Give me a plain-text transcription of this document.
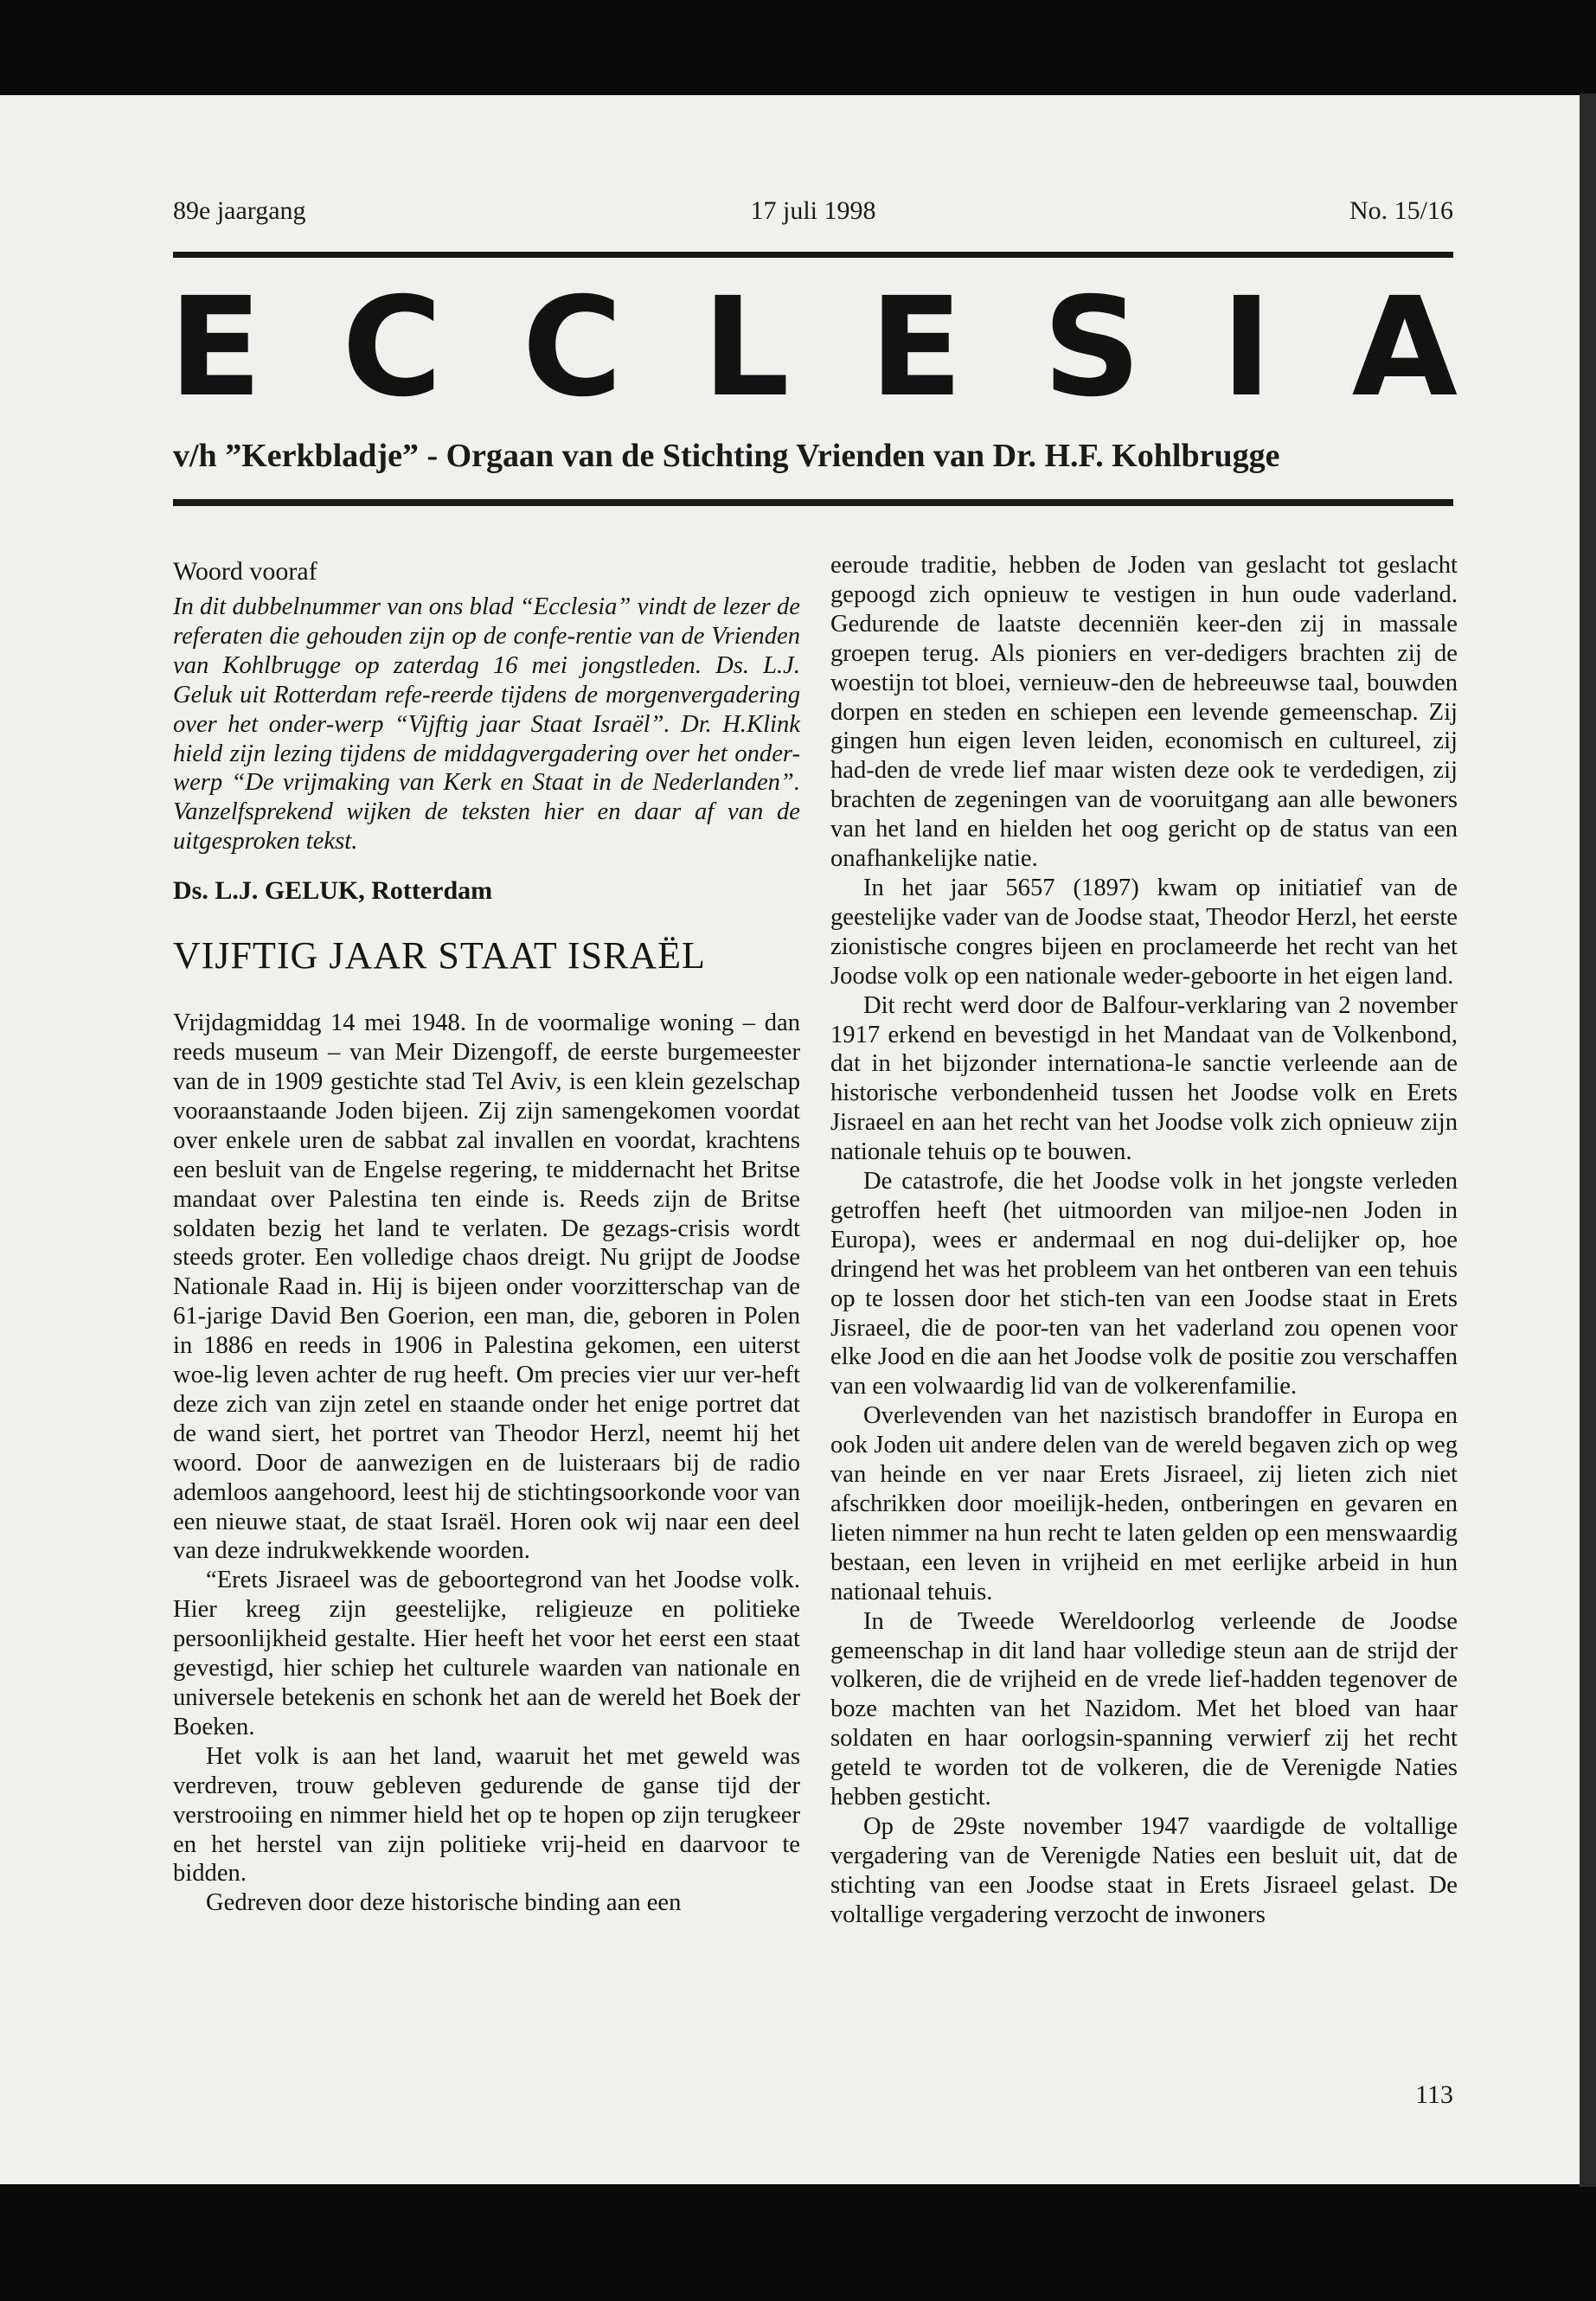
89e jaargang	17 juli 1998	No. 15/16
E C C L E S I A
v/h ”Kerkbladje” - Orgaan van de Stichting Vrienden van Dr. H.F. Kohlbrugge
Woord vooraf

In dit dubbelnummer van ons blad “Ecclesia” vindt de lezer de referaten die gehouden zijn op de confe-rentie van de Vrienden van Kohlbrugge op zaterdag 16 mei jongstleden. Ds. L.J. Geluk uit Rotterdam refe-reerde tijdens de morgenvergadering over het onder-werp “Vijftig jaar Staat Israël”. Dr. H.Klink hield zijn lezing tijdens de middagvergadering over het onder-werp “De vrijmaking van Kerk en Staat in de Nederlanden”. Vanzelfsprekend wijken de teksten hier en daar af van de uitgesproken tekst.

Ds. L.J. GELUK, Rotterdam

VIJFTIG JAAR STAAT ISRAËL

Vrijdagmiddag 14 mei 1948. In de voormalige woning – dan reeds museum – van Meir Dizengoff, de eerste burgemeester van de in 1909 gestichte stad Tel Aviv, is een klein gezelschap vooraanstaande Joden bijeen. Zij zijn samengekomen voordat over enkele uren de sabbat zal invallen en voordat, krachtens een besluit van de Engelse regering, te middernacht het Britse mandaat over Palestina ten einde is. Reeds zijn de Britse soldaten bezig het land te verlaten. De gezags-crisis wordt steeds groter. Een volledige chaos dreigt. Nu grijpt de Joodse Nationale Raad in. Hij is bijeen onder voorzitterschap van de 61-jarige David Ben Goerion, een man, die, geboren in Polen in 1886 en reeds in 1906 in Palestina gekomen, een uiterst woe-lig leven achter de rug heeft. Om precies vier uur ver-heft deze zich van zijn zetel en staande onder het enige portret dat de wand siert, het portret van Theodor Herzl, neemt hij het woord. Door de aanwezigen en de luisteraars bij de radio ademloos aangehoord, leest hij de stichtingsoorkonde voor van een nieuwe staat, de staat Israël. Horen ook wij naar een deel van deze indrukwekkende woorden.

“Erets Jisraeel was de geboortegrond van het Joodse volk. Hier kreeg zijn geestelijke, religieuze en politieke persoonlijkheid gestalte. Hier heeft het voor het eerst een staat gevestigd, hier schiep het culturele waarden van nationale en universele betekenis en schonk het aan de wereld het Boek der Boeken.

Het volk is aan het land, waaruit het met geweld was verdreven, trouw gebleven gedurende de ganse tijd der verstrooiing en nimmer hield het op te hopen op zijn terugkeer en het herstel van zijn politieke vrij-heid en daarvoor te bidden.

Gedreven door deze historische binding aan een

eeroude traditie, hebben de Joden van geslacht tot geslacht gepoogd zich opnieuw te vestigen in hun oude vaderland. Gedurende de laatste decenniën keer-den zij in massale groepen terug. Als pioniers en ver-dedigers brachten zij de woestijn tot bloei, vernieuw-den de hebreeuwse taal, bouwden dorpen en steden en schiepen een levende gemeenschap. Zij gingen hun eigen leven leiden, economisch en cultureel, zij had-den de vrede lief maar wisten deze ook te verdedigen, zij brachten de zegeningen van de vooruitgang aan alle bewoners van het land en hielden het oog gericht op de status van een onafhankelijke natie.

In het jaar 5657 (1897) kwam op initiatief van de geestelijke vader van de Joodse staat, Theodor Herzl, het eerste zionistische congres bijeen en proclameerde het recht van het Joodse volk op een nationale weder-geboorte in het eigen land.

Dit recht werd door de Balfour-verklaring van 2 november 1917 erkend en bevestigd in het Mandaat van de Volkenbond, dat in het bijzonder internationa-le sanctie verleende aan de historische verbondenheid tussen het Joodse volk en Erets Jisraeel en aan het recht van het Joodse volk zich opnieuw zijn nationale tehuis op te bouwen.

De catastrofe, die het Joodse volk in het jongste verleden getroffen heeft (het uitmoorden van miljoe-nen Joden in Europa), wees er andermaal en nog dui-delijker op, hoe dringend het was het probleem van het ontberen van een tehuis op te lossen door het stich-ten van een Joodse staat in Erets Jisraeel, die de poor-ten van het vaderland zou openen voor elke Jood en die aan het Joodse volk de positie zou verschaffen van een volwaardig lid van de volkerenfamilie.

Overlevenden van het nazistisch brandoffer in Europa en ook Joden uit andere delen van de wereld begaven zich op weg van heinde en ver naar Erets Jisraeel, zij lieten zich niet afschrikken door moeilijk-heden, ontberingen en gevaren en lieten nimmer na hun recht te laten gelden op een menswaardig bestaan, een leven in vrijheid en met eerlijke arbeid in hun nationaal tehuis.

In de Tweede Wereldoorlog verleende de Joodse gemeenschap in dit land haar volledige steun aan de strijd der volkeren, die de vrijheid en de vrede lief-hadden tegenover de boze machten van het Nazidom. Met het bloed van haar soldaten en haar oorlogsin-spanning verwierf zij het recht geteld te worden tot de volkeren, die de Verenigde Naties hebben gesticht.

Op de 29ste november 1947 vaardigde de voltallige vergadering van de Verenigde Naties een besluit uit, dat de stichting van een Joodse staat in Erets Jisraeel gelast. De voltallige vergadering verzocht de inwoners

113
